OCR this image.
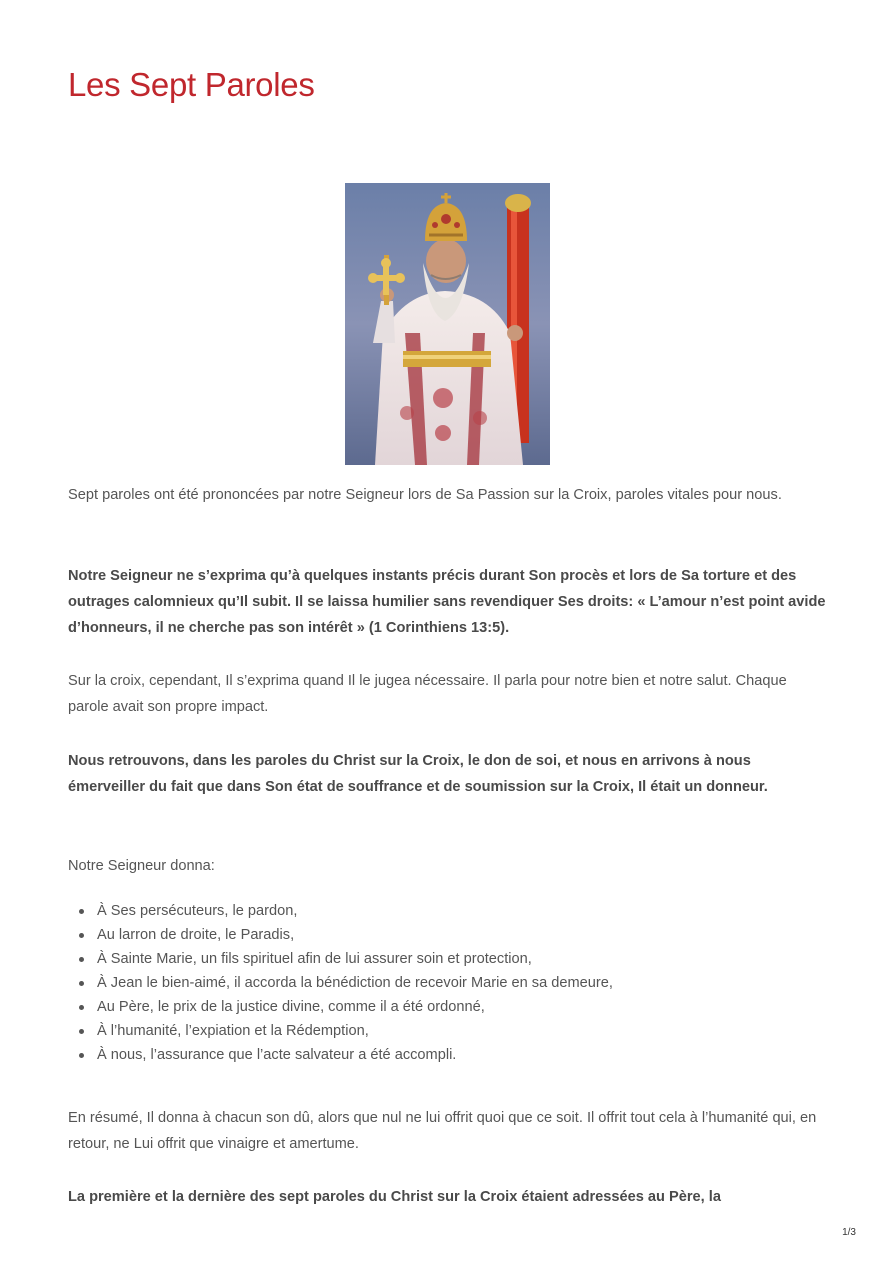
Les Sept Paroles

Sept paroles ont été prononcées par notre Seigneur lors de Sa Passion sur la Croix, paroles vitales pour nous.

Notre Seigneur ne s’exprima qu’à quelques instants précis durant Son procès et lors de Sa torture et des outrages calomnieux qu’Il subit. Il se laissa humilier sans revendiquer Ses droits: « L’amour n’est point avide d’honneurs, il ne cherche pas son intérêt » (1 Corinthiens 13:5).

Sur la croix, cependant, Il s’exprima quand Il le jugea nécessaire. Il parla pour notre bien et notre salut. Chaque parole avait son propre impact.

Nous retrouvons, dans les paroles du Christ sur la Croix, le don de soi, et nous en arrivons à nous émerveiller du fait que dans Son état de souffrance et de soumission sur la Croix, Il était un donneur.

Notre Seigneur donna:

À Ses persécuteurs, le pardon,
Au larron de droite, le Paradis,
À Sainte Marie, un fils spirituel afin de lui assurer soin et protection,
À Jean le bien-aimé, il accorda la bénédiction de recevoir Marie en sa demeure,
Au Père, le prix de la justice divine, comme il a été ordonné,
À l’humanité, l’expiation et la Rédemption,
À nous, l’assurance que l’acte salvateur a été accompli.

En résumé, Il donna à chacun son dû, alors que nul ne lui offrit quoi que ce soit. Il offrit tout cela à l’humanité qui, en retour, ne Lui offrit que vinaigre et amertume.

La première et la dernière des sept paroles du Christ sur la Croix étaient adressées au Père, la

1/3
